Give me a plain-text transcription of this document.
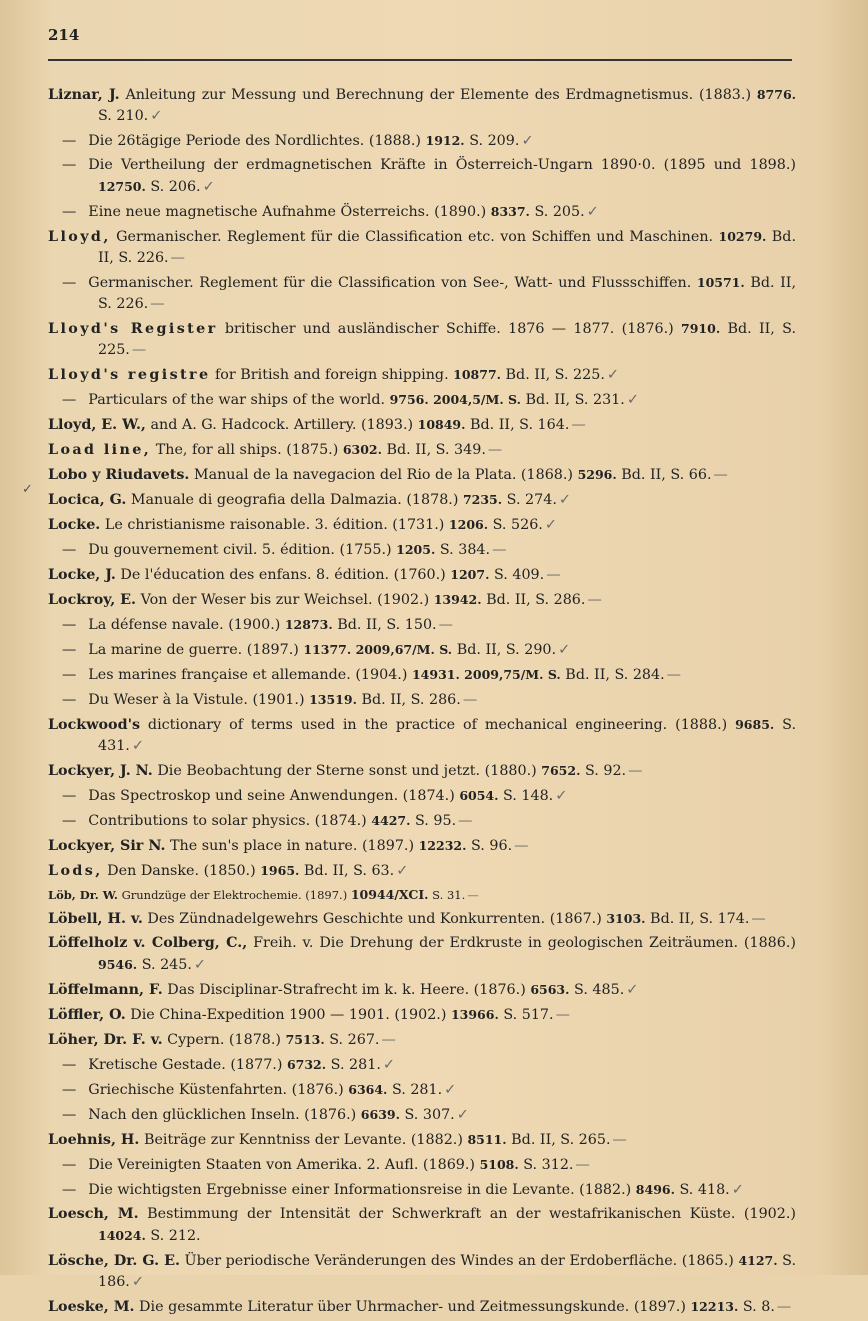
214
✓
Liznar, J. Anleitung zur Messung und Berechnung der Elemente des Erdmagnetismus. (1883.) 8776. S. 210. ✓
— Die 26tägige Periode des Nordlichtes. (1888.) 1912. S. 209. ✓
— Die Vertheilung der erdmagnetischen Kräfte in Österreich-Ungarn 1890·0. (1895 und 1898.) 12750. S. 206. ✓
— Eine neue magnetische Aufnahme Österreichs. (1890.) 8337. S. 205. ✓
Lloyd, Germanischer. Reglement für die Classification etc. von Schiffen und Maschinen. 10279. Bd. II, S. 226. —
— Germanischer. Reglement für die Classification von See-, Watt- und Flussschiffen. 10571. Bd. II, S. 226. —
Lloyd's Register britischer und ausländischer Schiffe. 1876 — 1877. (1876.) 7910. Bd. II, S. 225. —
Lloyd's registre for British and foreign shipping. 10877. Bd. II, S. 225. ✓
— Particulars of the war ships of the world. 9756. 2004,5/M. S. Bd. II, S. 231. ✓
Lloyd, E. W., and A. G. Hadcock. Artillery. (1893.) 10849. Bd. II, S. 164. —
Load line, The, for all ships. (1875.) 6302. Bd. II, S. 349. —
Lobo y Riudavets. Manual de la navegacion del Rio de la Plata. (1868.) 5296. Bd. II, S. 66. —
Locica, G. Manuale di geografia della Dalmazia. (1878.) 7235. S. 274. ✓
Locke. Le christianisme raisonable. 3. édition. (1731.) 1206. S. 526. ✓
— Du gouvernement civil. 5. édition. (1755.) 1205. S. 384. —
Locke, J. De l'éducation des enfans. 8. édition. (1760.) 1207. S. 409. —
Lockroy, E. Von der Weser bis zur Weichsel. (1902.) 13942. Bd. II, S. 286. —
— La défense navale. (1900.) 12873. Bd. II, S. 150. —
— La marine de guerre. (1897.) 11377. 2009,67/M. S. Bd. II, S. 290. ✓
— Les marines française et allemande. (1904.) 14931. 2009,75/M. S. Bd. II, S. 284. —
— Du Weser à la Vistule. (1901.) 13519. Bd. II, S. 286. —
Lockwood's dictionary of terms used in the practice of mechanical engineering. (1888.) 9685. S. 431. ✓
Lockyer, J. N. Die Beobachtung der Sterne sonst und jetzt. (1880.) 7652. S. 92. —
— Das Spectroskop und seine Anwendungen. (1874.) 6054. S. 148. ✓
— Contributions to solar physics. (1874.) 4427. S. 95. —
Lockyer, Sir N. The sun's place in nature. (1897.) 12232. S. 96. —
Lods, Den Danske. (1850.) 1965. Bd. II, S. 63. ✓
Löb, Dr. W. Grundzüge der Elektrochemie. (1897.) 10944/XCI. S. 31. —
Löbell, H. v. Des Zündnadelgewehrs Geschichte und Konkurrenten. (1867.) 3103. Bd. II, S. 174. —
Löffelholz v. Colberg, C., Freih. v. Die Drehung der Erdkruste in geologischen Zeiträumen. (1886.) 9546. S. 245. ✓
Löffelmann, F. Das Disciplinar-Strafrecht im k. k. Heere. (1876.) 6563. S. 485. ✓
Löffler, O. Die China-Expedition 1900 — 1901. (1902.) 13966. S. 517. —
Löher, Dr. F. v. Cypern. (1878.) 7513. S. 267. —
— Kretische Gestade. (1877.) 6732. S. 281. ✓
— Griechische Küstenfahrten. (1876.) 6364. S. 281. ✓
— Nach den glücklichen Inseln. (1876.) 6639. S. 307. ✓
Loehnis, H. Beiträge zur Kenntniss der Levante. (1882.) 8511. Bd. II, S. 265. —
— Die Vereinigten Staaten von Amerika. 2. Aufl. (1869.) 5108. S. 312. —
— Die wichtigsten Ergebnisse einer Informationsreise in die Levante. (1882.) 8496. S. 418. ✓
Loesch, M. Bestimmung der Intensität der Schwerkraft an der westafrikanischen Küste. (1902.) 14024. S. 212.
Lösche, Dr. G. E. Über periodische Veränderungen des Windes an der Erdoberfläche. (1865.) 4127. S. 186. ✓
Loeske, M. Die gesammte Literatur über Uhrmacher- und Zeitmessungskunde. (1897.) 12213. S. 8. —
